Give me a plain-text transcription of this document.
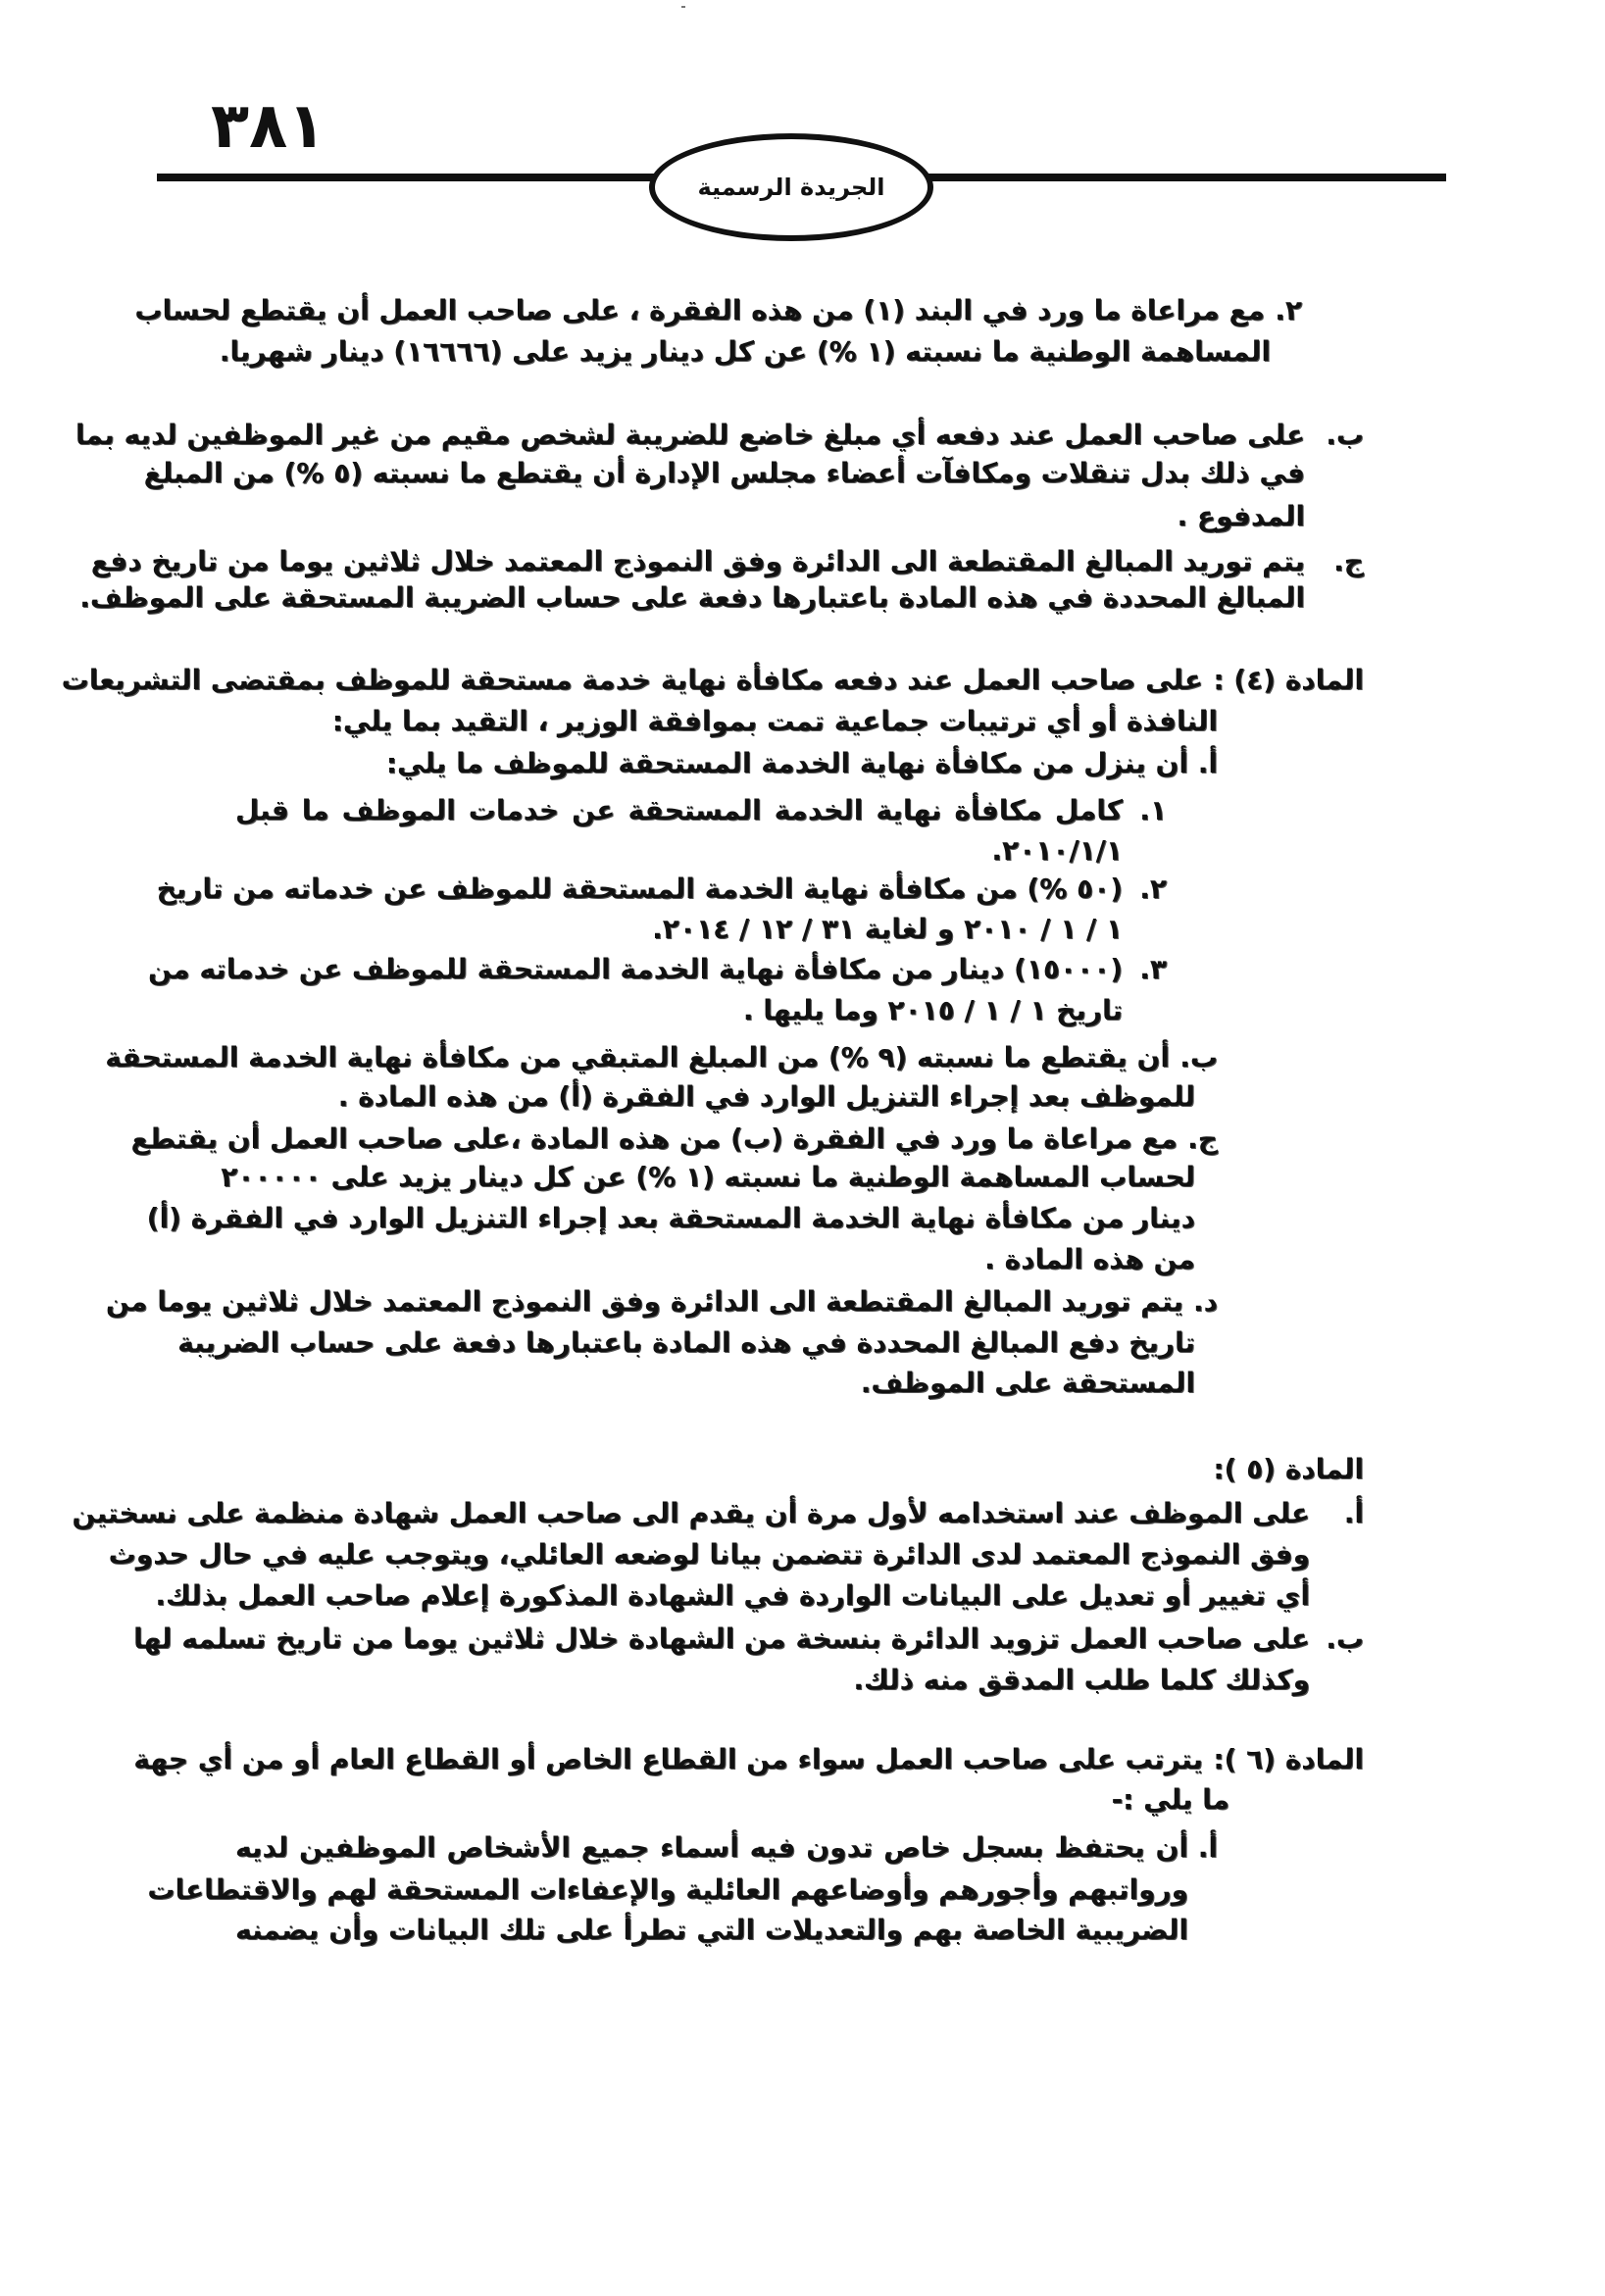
٣٨١
الجريدة الرسمية
٢.
مع مراعاة ما ورد في البند (١) من هذه الفقرة ، على صاحب العمل أن يقتطع لحساب
المساهمة الوطنية ما نسبته (١ %) عن كل دينار يزيد على (١٦٦٦٦) دينار شهريا.
ب.
على صاحب العمل عند دفعه أي مبلغ خاضع للضريبة لشخص مقيم من غير الموظفين لديه بما
في ذلك بدل تنقلات ومكافآت أعضاء مجلس الإدارة أن يقتطع ما نسبته (٥ %) من المبلغ
المدفوع .
ج.
يتم توريد المبالغ المقتطعة الى الدائرة وفق النموذج المعتمد خلال ثلاثين يوما من تاريخ دفع
المبالغ المحددة في هذه المادة باعتبارها دفعة على حساب الضريبة المستحقة على الموظف.
المادة (٤) :
على صاحب العمل عند دفعه مكافأة نهاية خدمة مستحقة للموظف بمقتضى التشريعات
النافذة أو أي ترتيبات جماعية تمت بموافقة الوزير ، التقيد بما يلي:
أ.
أن ينزل من مكافأة نهاية الخدمة المستحقة للموظف ما يلي:
١.
كامل مكافأة نهاية الخدمة المستحقة عن خدمات الموظف ما قبل
٢٠١٠/١/١.
٢.
(٥٠ %) من مكافأة نهاية الخدمة المستحقة للموظف عن خدماته من تاريخ
١ / ١ / ٢٠١٠ و لغاية ٣١ / ١٢ / ٢٠١٤.
٣.
(١٥٠٠٠) دينار من مكافأة نهاية الخدمة المستحقة للموظف عن خدماته من
تاريخ ١ / ١ / ٢٠١٥ وما يليها .
ب.
أن يقتطع ما نسبته (٩ %) من المبلغ المتبقي من مكافأة نهاية الخدمة المستحقة
للموظف بعد إجراء التنزيل الوارد في الفقرة (أ) من هذه المادة .
ج.
مع مراعاة ما ورد في الفقرة (ب) من هذه المادة ،على صاحب العمل أن يقتطع
لحساب المساهمة الوطنية ما نسبته (١ %) عن كل دينار يزيد على ٢٠٠٠٠٠
دينار من مكافأة نهاية الخدمة المستحقة بعد إجراء التنزيل الوارد في الفقرة (أ)
من هذه المادة .
د.
يتم توريد المبالغ المقتطعة الى الدائرة وفق النموذج المعتمد خلال ثلاثين يوما من
تاريخ دفع المبالغ المحددة في هذه المادة باعتبارها دفعة على حساب الضريبة
المستحقة على الموظف.
المادة (٥ ):
أ.
على الموظف عند استخدامه لأول مرة أن يقدم الى صاحب العمل شهادة منظمة على نسختين
وفق النموذج المعتمد لدى الدائرة تتضمن بيانا لوضعه العائلي، ويتوجب عليه في حال حدوث
أي تغيير أو تعديل على البيانات الواردة في الشهادة المذكورة إعلام صاحب العمل بذلك.
ب.
على صاحب العمل تزويد الدائرة بنسخة من الشهادة خلال ثلاثين يوما من تاريخ تسلمه لها
وكذلك كلما طلب المدقق منه ذلك.
المادة (٦ ):
يترتب على صاحب العمل سواء من القطاع الخاص أو القطاع العام أو من أي جهة
ما يلي :-
أ.
أن يحتفظ بسجل خاص تدون فيه أسماء جميع الأشخاص الموظفين لديه
ورواتبهم وأجورهم وأوضاعهم العائلية والإعفاءات المستحقة لهم والاقتطاعات
الضريبية الخاصة بهم والتعديلات التي تطرأ على تلك البيانات وأن يضمنه
